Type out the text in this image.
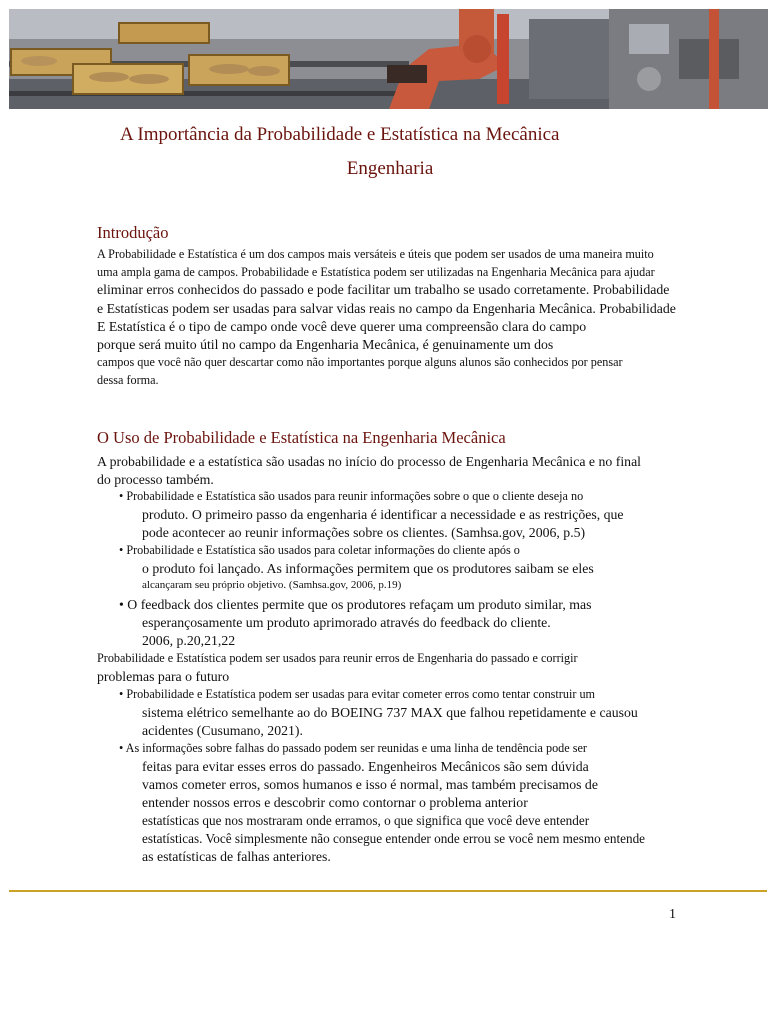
A Importância da Probabilidade e Estatística na Mecânica
Engenharia
Introdução
A Probabilidade e Estatística é um dos campos mais versáteis e úteis que podem ser usados de uma maneira muito
uma ampla gama de campos. Probabilidade e Estatística podem ser utilizadas na Engenharia Mecânica para ajudar
eliminar erros conhecidos do passado e pode facilitar um trabalho se usado corretamente. Probabilidade
e Estatísticas podem ser usadas para salvar vidas reais no campo da Engenharia Mecânica. Probabilidade
E Estatística é o tipo de campo onde você deve querer uma compreensão clara do campo
porque será muito útil no campo da Engenharia Mecânica, é genuinamente um dos
campos que você não quer descartar como não importantes porque alguns alunos são conhecidos por pensar
dessa forma.
O Uso de Probabilidade e Estatística na Engenharia Mecânica
A probabilidade e a estatística são usadas no início do processo de Engenharia Mecânica e no final
do processo também.
• Probabilidade e Estatística são usados para reunir informações sobre o que o cliente deseja no
produto. O primeiro passo da engenharia é identificar a necessidade e as restrições, que
pode acontecer ao reunir informações sobre os clientes. (Samhsa.gov, 2006, p.5)
• Probabilidade e Estatística são usados para coletar informações do cliente após o
o produto foi lançado. As informações permitem que os produtores saibam se eles
alcançaram seu próprio objetivo. (Samhsa.gov, 2006, p.19)
• O feedback dos clientes permite que os produtores refaçam um produto similar, mas
esperançosamente um produto aprimorado através do feedback do cliente.
2006, p.20,21,22
Probabilidade e Estatística podem ser usados para reunir erros de Engenharia do passado e corrigir
problemas para o futuro
• Probabilidade e Estatística podem ser usadas para evitar cometer erros como tentar construir um
sistema elétrico semelhante ao do BOEING 737 MAX que falhou repetidamente e causou
acidentes (Cusumano, 2021).
• As informações sobre falhas do passado podem ser reunidas e uma linha de tendência pode ser
feitas para evitar esses erros do passado. Engenheiros Mecânicos são sem dúvida
vamos cometer erros, somos humanos e isso é normal, mas também precisamos de
entender nossos erros e descobrir como contornar o problema anterior
estatísticas que nos mostraram onde erramos, o que significa que você deve entender
estatísticas. Você simplesmente não consegue entender onde errou se você nem mesmo entende
as estatísticas de falhas anteriores.
1
